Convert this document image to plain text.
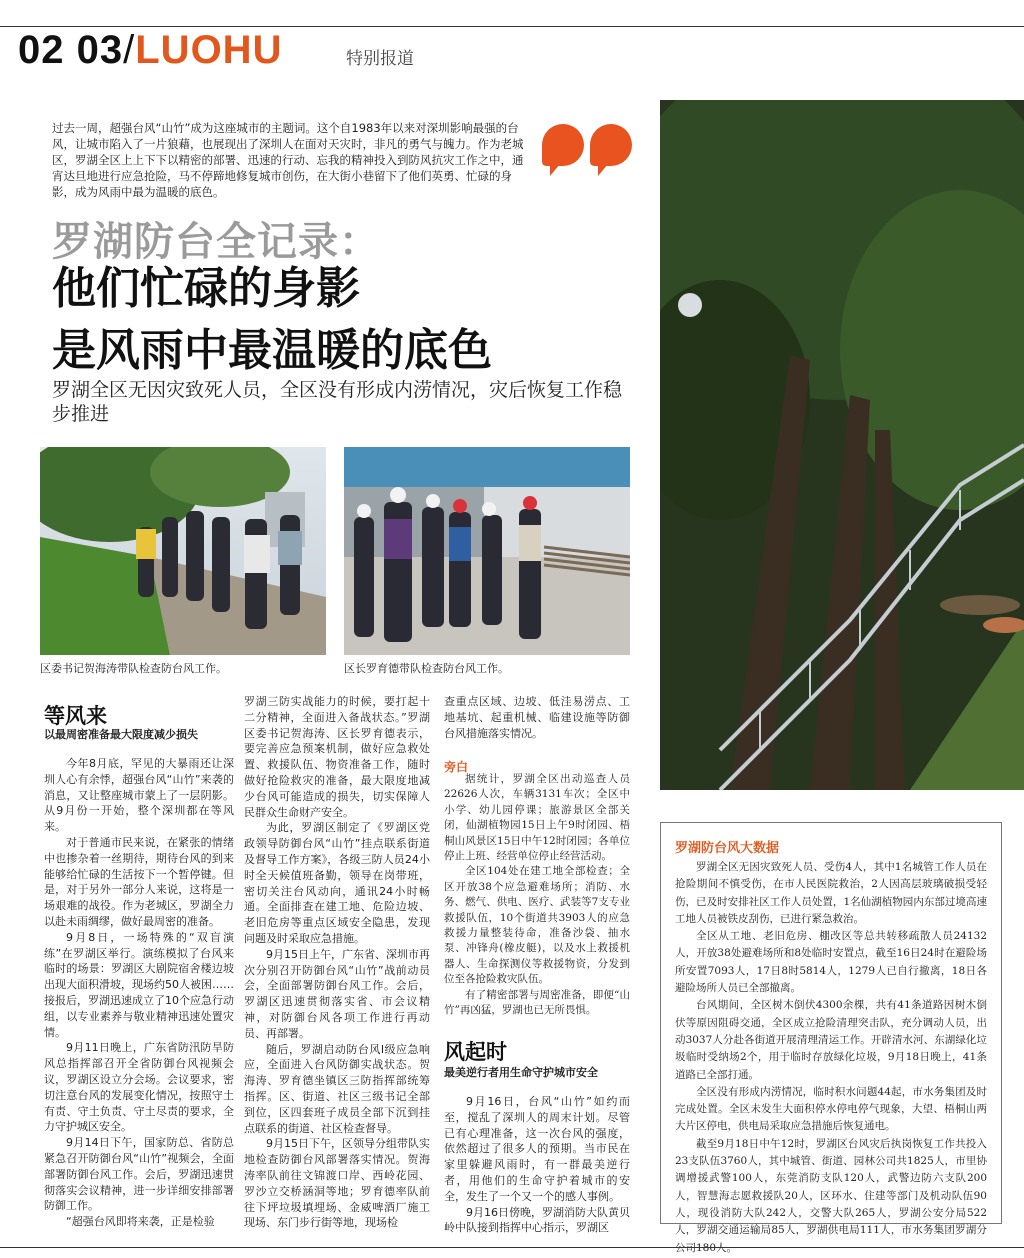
02 03/LUOHU	特别报道
过去一周，超强台风“山竹”成为这座城市的主题词。这个自1983年以来对深圳影响最强的台风，让城市陷入了一片狼藉，也展现出了深圳人在面对天灾时，非凡的勇气与魄力。作为老城区，罗湖全区上上下下以精密的部署、迅速的行动、忘我的精神投入到防风抗灾工作之中，通宵达旦地进行应急抢险，马不停蹄地修复城市创伤，在大街小巷留下了他们英勇、忙碌的身影，成为风雨中最为温暖的底色。
罗湖防台全记录：
他们忙碌的身影
是风雨中最温暖的底色
罗湖全区无因灾致死人员，全区没有形成内涝情况，灾后恢复工作稳步推进
区委书记贺海涛带队检查防台风工作。	区长罗育德带队检查防台风工作。
等风来
以最周密准备最大限度减少损失

今年8月底，罕见的大暴雨还让深圳人心有余悸，超强台风“山竹”来袭的消息，又让整座城市蒙上了一层阴影。从9月份一开始，整个深圳都在等风来。

对于普通市民来说，在紧张的情绪中也掺杂着一丝期待，期待台风的到来能够给忙碌的生活按下一个暂停键。但是，对于另外一部分人来说，这将是一场艰难的战役。作为老城区，罗湖全力以赴未雨绸缪，做好最周密的准备。

9月8日，一场特殊的“双盲演练”在罗湖区举行。演练模拟了台风来临时的场景：罗湖区大剧院宿舍楼边坡出现大面积滑坡，现场约50人被困……接报后，罗湖迅速成立了10个应急行动组，以专业素养与敬业精神迅速处置灾情。

9月11日晚上，广东省防汛防旱防风总指挥部召开全省防御台风视频会议，罗湖区设立分会场。会议要求，密切注意台风的发展变化情况，按照守土有责、守土负责、守土尽责的要求，全力守护城区安全。

9月14日下午，国家防总、省防总紧急召开防御台风“山竹”视频会，全面部署防御台风工作。会后，罗湖迅速贯彻落实会议精神，进一步详细安排部署防御工作。

“超强台风即将来袭，正是检验

罗湖三防实战能力的时候，要打起十二分精神，全面进入备战状态。”罗湖区委书记贺海涛、区长罗育德表示，要完善应急预案机制，做好应急救处置、救援队伍、物资准备工作，随时做好抢险救灾的准备，最大限度地减少台风可能造成的损失，切实保障人民群众生命财产安全。

为此，罗湖区制定了《罗湖区党政领导防御台风“山竹”挂点联系街道及督导工作方案》，各级三防人员24小时全天候值班备勤，领导在岗带班，密切关注台风动向，通讯24小时畅通。全面排查在建工地、危险边坡、老旧危房等重点区域安全隐患，发现问题及时采取应急措施。

9月15日上午，广东省、深圳市再次分别召开防御台风“山竹”战前动员会，全面部署防御台风工作。会后，罗湖区迅速贯彻落实省、市会议精神，对防御台风各项工作进行再动员、再部署。

随后，罗湖启动防台风Ⅰ级应急响应，全面进入台风防御实战状态。贺海涛、罗育德坐镇区三防指挥部统筹指挥。区、街道、社区三级书记全部到位，区四套班子成员全部下沉到挂点联系的街道、社区检查督导。

9月15日下午，区领导分组带队实地检查防御台风部署落实情况。贺海涛率队前往文锦渡口岸、西岭花园、罗沙立交桥涵洞等地；罗育德率队前往下坪垃圾填埋场、金威啤酒厂施工现场、东门步行街等地，现场检

查重点区域、边坡、低洼易涝点、工地基坑、起重机械、临建设施等防御台风措施落实情况。

旁白

据统计，罗湖全区出动巡查人员22626人次，车辆3131车次；全区中小学、幼儿园停课；旅游景区全部关闭，仙湖植物园15日上午9时闭园、梧桐山风景区15日中午12时闭园；各单位停止上班、经营单位停止经营活动。

全区104处在建工地全部检查；全区开放38个应急避难场所；消防、水务、燃气、供电、医疗、武装等7支专业救援队伍，10个街道共3903人的应急救援力量整装待命，准备沙袋、抽水泵、冲锋舟(橡皮艇)，以及水上救援机器人、生命探测仪等救援物资，分发到位至各抢险救灾队伍。

有了精密部署与周密准备，即便“山竹”再凶猛，罗湖也已无所畏惧。

风起时
最美逆行者用生命守护城市安全

9月16日，台风“山竹”如约而至，搅乱了深圳人的周末计划。尽管已有心理准备，这一次台风的强度，依然超过了很多人的预期。当市民在家里躲避风雨时，有一群最美逆行者，用他们的生命守护着城市的安全，发生了一个又一个的感人事例。

9月16日傍晚，罗湖消防大队黄贝岭中队接到指挥中心指示，罗湖区

罗湖防台风大数据

罗湖全区无因灾致死人员、受伤4人，其中1名城管工作人员在抢险期间不慎受伤，在市人民医院救治，2人因高层玻璃破损受轻伤，已及时安排社区工作人员处置，1名仙湖植物园内东部过境高速工地人员被铁皮刮伤，已进行紧急救治。

全区从工地、老旧危房、棚改区等总共转移疏散人员24132人，开放38处避难场所和8处临时安置点，截至16日24时在避险场所安置7093人，17日8时5814人，1279人已自行撤离，18日各避险场所人员已全部撤离。

台风期间，全区树木倒伏4300余棵，共有41条道路因树木倒伏等原因阻碍交通，全区成立抢险清理突击队，充分调动人员，出动3037人分赴各街道开展清理清运工作。开辟清水河、东湖绿化垃圾临时受纳场2个，用于临时存放绿化垃圾，9月18日晚上，41条道路已全部打通。

全区没有形成内涝情况，临时积水问题44起，市水务集团及时完成处置。全区未发生大面积停水停电停气现象，大望、梧桐山两大片区停电，供电局采取应急措施后恢复通电。

截至9月18日中午12时，罗湖区台风灾后执岗恢复工作共投入23支队伍3760人，其中城管、街道、园林公司共1825人，市里协调增援武警100人，东莞消防支队120人，武警边防六支队200人，智慧海志愿救援队20人，区环水、住建等部门及机动队伍90人，现役消防大队242人，交警大队265人，罗湖公安分局522人，罗湖交通运输局85人，罗湖供电局111人，市水务集团罗湖分
